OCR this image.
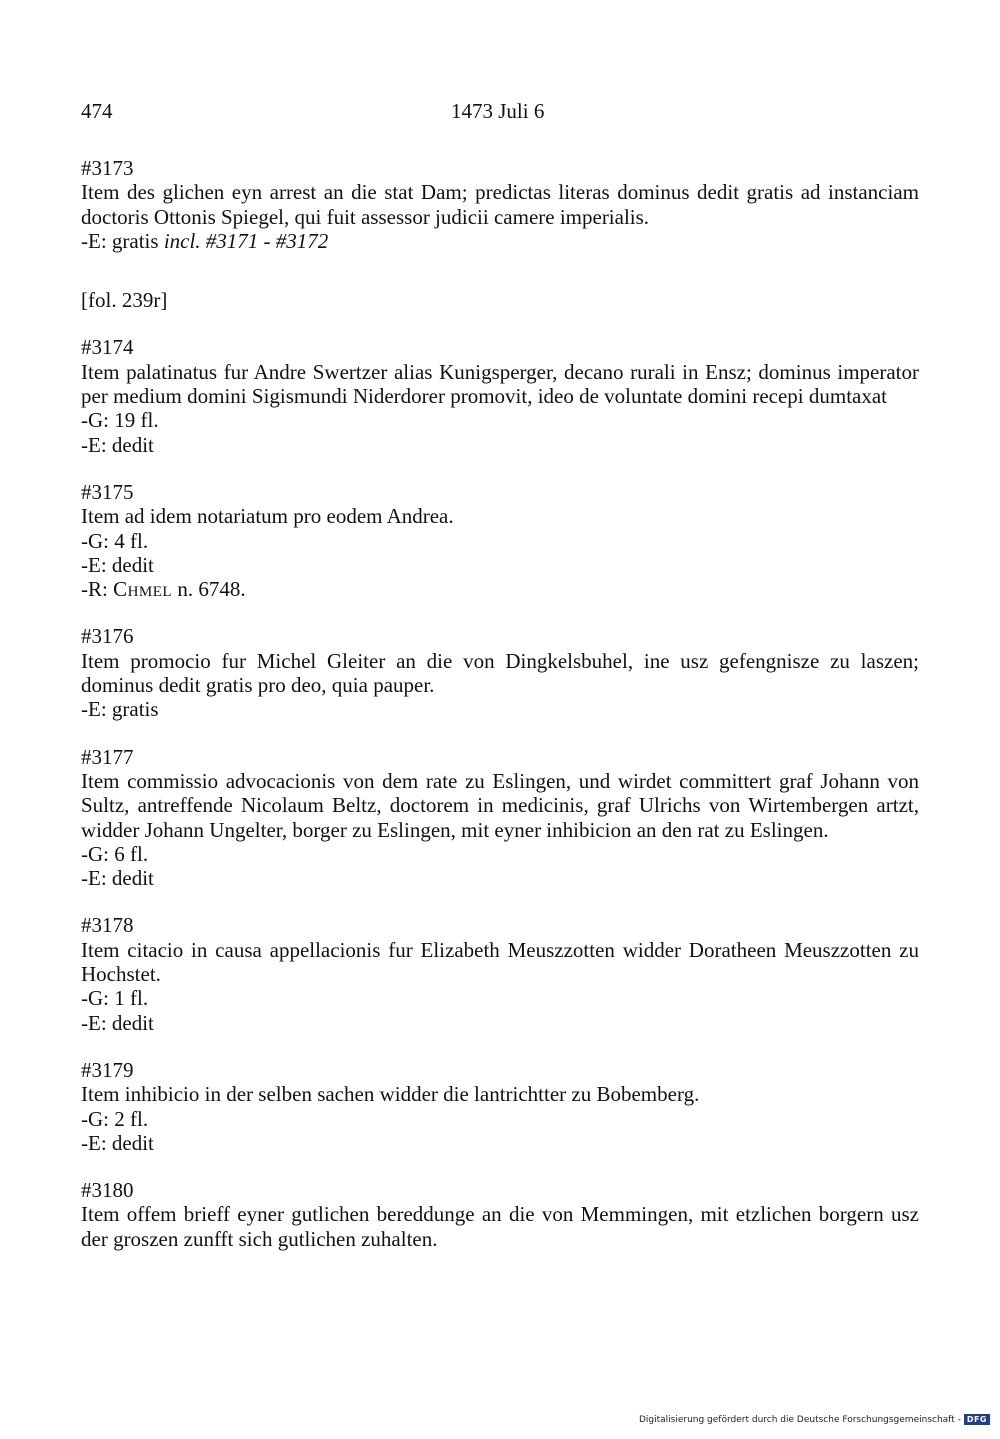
474	1473 Juli 6
#3173
Item des glichen eyn arrest an die stat Dam; predictas literas dominus dedit gratis ad instanciam doctoris Ottonis Spiegel, qui fuit assessor judicii camere imperialis.
-E: gratis incl. #3171 - #3172
[fol. 239r]
#3174
Item palatinatus fur Andre Swertzer alias Kunigsperger, decano rurali in Ensz; dominus imperator per medium domini Sigismundi Niderdorer promovit, ideo de voluntate domini recepi dumtaxat
-G: 19 fl.
-E: dedit
#3175
Item ad idem notariatum pro eodem Andrea.
-G: 4 fl.
-E: dedit
-R: Chmel n. 6748.
#3176
Item promocio fur Michel Gleiter an die von Dingkelsbuhel, ine usz gefengnisze zu laszen; dominus dedit gratis pro deo, quia pauper.
-E: gratis
#3177
Item commissio advocacionis von dem rate zu Eslingen, und wirdet committert graf Johann von Sultz, antreffende Nicolaum Beltz, doctorem in medicinis, graf Ulrichs von Wirtembergen artzt, widder Johann Ungelter, borger zu Eslingen, mit eyner inhibicion an den rat zu Eslingen.
-G: 6 fl.
-E: dedit
#3178
Item citacio in causa appellacionis fur Elizabeth Meuszzotten widder Doratheen Meuszzotten zu Hochstet.
-G: 1 fl.
-E: dedit
#3179
Item inhibicio in der selben sachen widder die lantrichtter zu Bobemberg.
-G: 2 fl.
-E: dedit
#3180
Item offem brieff eyner gutlichen bereddunge an die von Memmingen, mit etzlichen borgern usz der groszen zunfft sich gutlichen zuhalten.
Digitalisierung gefördert durch die Deutsche Forschungsgemeinschaft - DFG
